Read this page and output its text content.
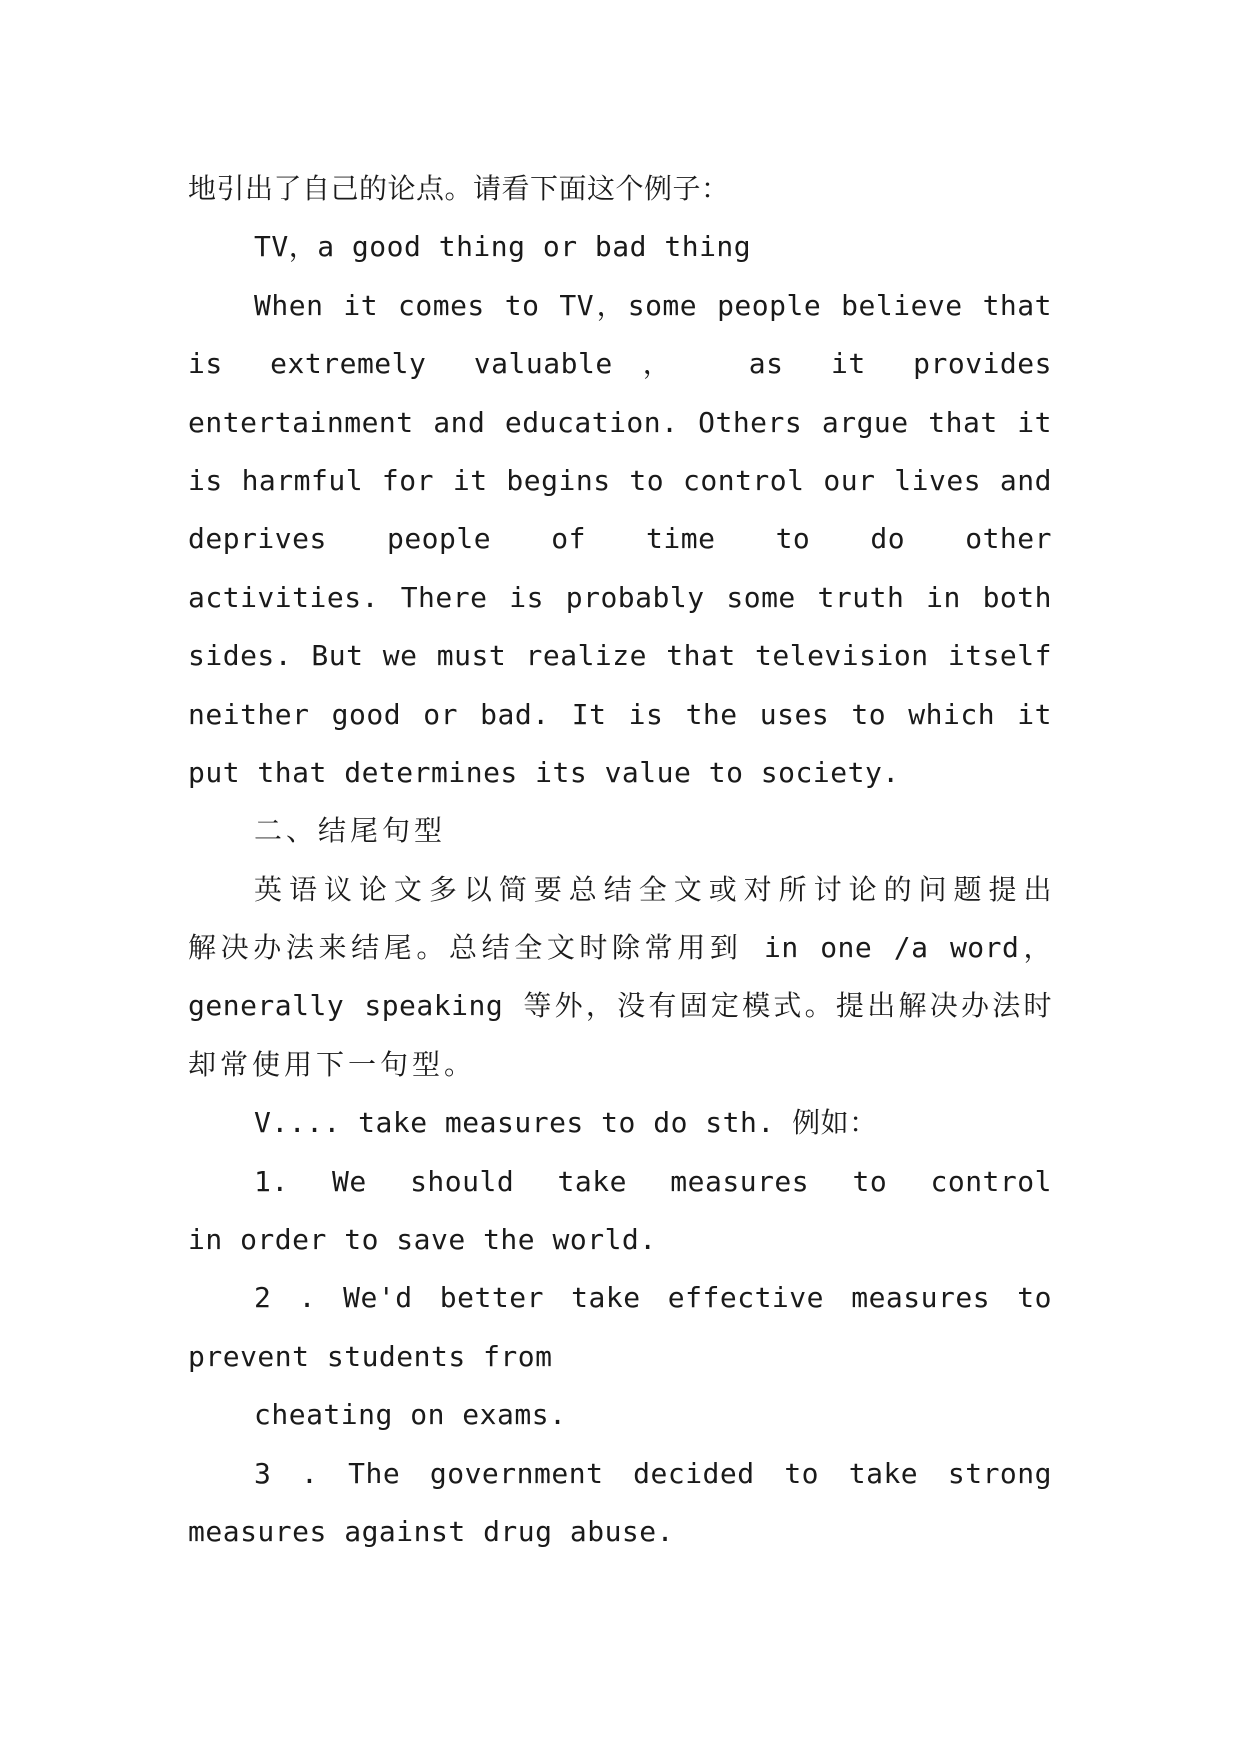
地引出了自己的论点。请看下面这个例子：
TV，a good thing or bad thing
When it comes to TV，some people believe that
is extremely valuable， as it provides
entertainment and education. Others argue that it
is harmful for it begins to control our lives and
deprives people of time to do other
activities. There is probably some truth in both
sides. But we must realize that television itself
neither good or bad. It is the uses to which it
put that determines its value to society.
二、结尾句型
英语议论文多以简要总结全文或对所讨论的问题提出
解决办法来结尾。总结全文时除常用到 in one /a word，
generally speaking 等外，没有固定模式。提出解决办法时
却常使用下一句型。
V.... take measures to do sth. 例如：
1. We should take measures to control
in order to save the world.
2 . We'd better take effective measures to
prevent students from
cheating on exams.
3 . The government decided to take strong
measures against drug abuse.
